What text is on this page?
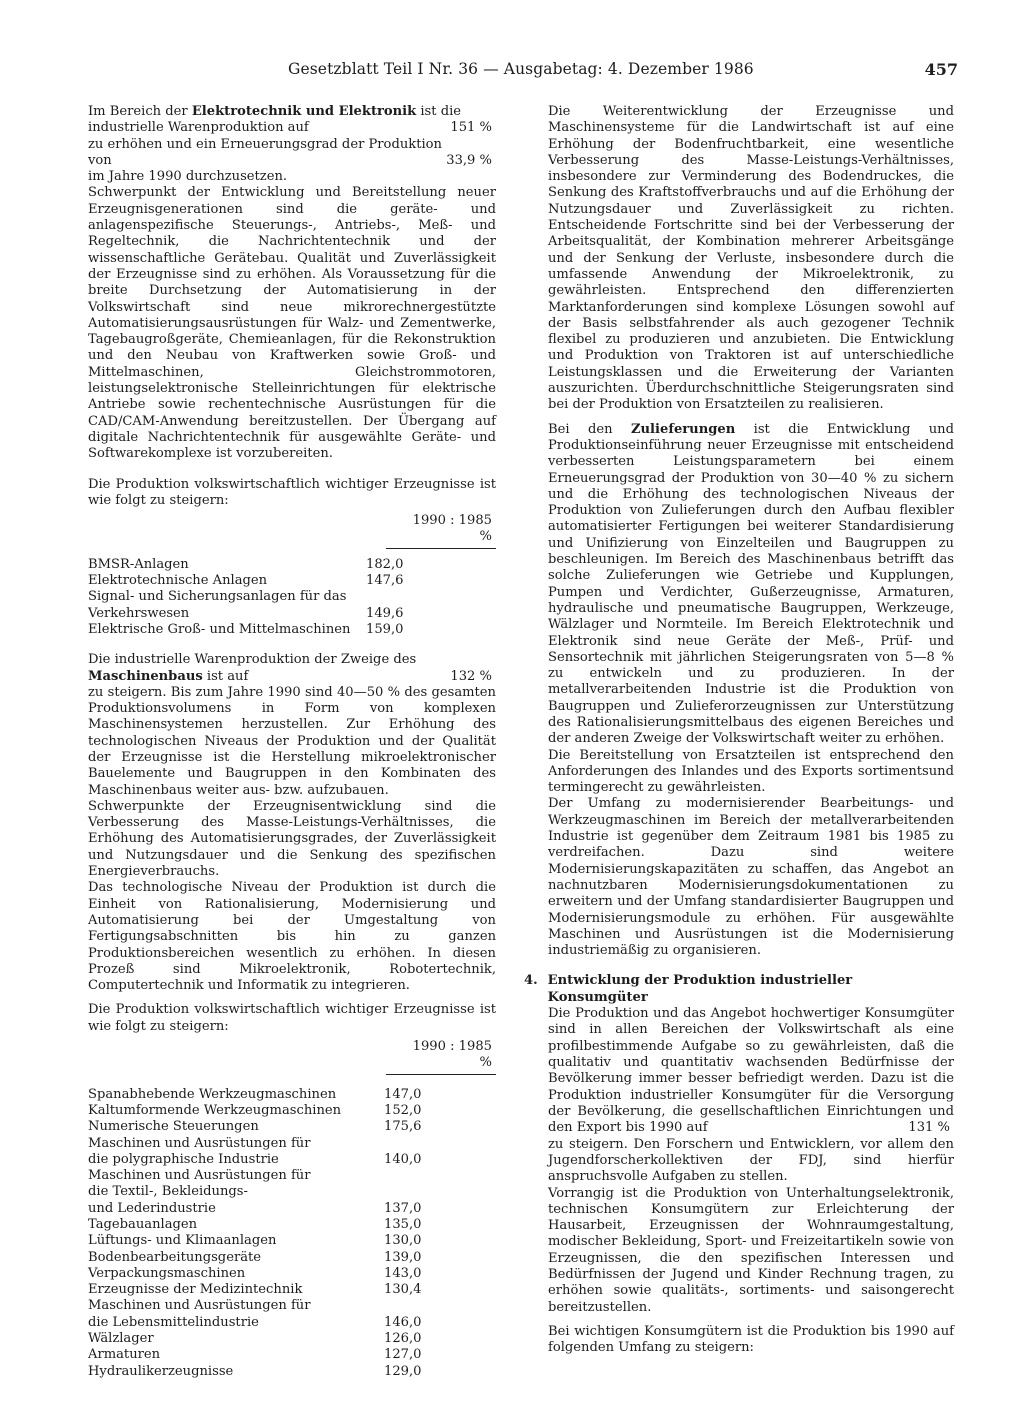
Gesetzblatt Teil I Nr. 36 — Ausgabetag: 4. Dezember 1986	457

Im Bereich der Elektrotechnik und Elektronik ist die

industrielle Warenproduktion auf	151 %

zu erhöhen und ein Erneuerungsgrad der Produktion

von	33,9 %

im Jahre 1990 durchzusetzen.

Schwerpunkt der Entwicklung und Bereitstellung neuer Erzeugnisgenerationen sind die geräte- und anlagenspezifische Steuerungs-, Antriebs-, Meß- und Regeltechnik, die Nachrichtentechnik und der wissenschaftliche Gerätebau. Qualität und Zuverlässigkeit der Erzeugnisse sind zu erhöhen. Als Voraussetzung für die breite Durchsetzung der Automatisierung in der Volkswirtschaft sind neue mikrorechnergestützte Automatisierungsausrüstungen für Walz- und Zementwerke, Tagebaugroßgeräte, Chemieanlagen, für die Rekonstruktion und den Neubau von Kraftwerken sowie Groß- und Mittelmaschinen, Gleichstrommotoren, leistungselektronische Stelleinrichtungen für elektrische Antriebe sowie rechentechnische Ausrüstungen für die CAD/CAM-Anwendung bereitzustellen. Der Übergang auf digitale Nachrichtentechnik für ausgewählte Geräte- und Softwarekomplexe ist vorzubereiten.

Die Produktion volkswirtschaftlich wichtiger Erzeugnisse ist wie folgt zu steigern:

1990 : 1985 %
BMSR-Anlagen	182,0
Elektrotechnische Anlagen	147,6
Signal- und Sicherungsanlagen für das
Verkehrswesen	149,6
Elektrische Groß- und Mittelmaschinen	159,0
Die industrielle Warenproduktion der Zweige des
Maschinenbaus ist auf	132 %

zu steigern. Bis zum Jahre 1990 sind 40—50 % des gesamten Produktionsvolumens in Form von komplexen Maschinensystemen herzustellen. Zur Erhöhung des technologischen Niveaus der Produktion und der Qualität der Erzeugnisse ist die Herstellung mikroelektronischer Bauelemente und Baugruppen in den Kombinaten des Maschinenbaus weiter aus- bzw. aufzubauen.

Schwerpunkte der Erzeugnisentwicklung sind die Verbesserung des Masse-Leistungs-Verhältnisses, die Erhöhung des Automatisierungsgrades, der Zuverlässigkeit und Nutzungsdauer und die Senkung des spezifischen Energieverbrauchs.

Das technologische Niveau der Produktion ist durch die Einheit von Rationalisierung, Modernisierung und Automatisierung bei der Umgestaltung von Fertigungsabschnitten bis hin zu ganzen Produktionsbereichen wesentlich zu erhöhen. In diesen Prozeß sind Mikroelektronik, Robotertechnik, Computertechnik und Informatik zu integrieren.

Die Produktion volkswirtschaftlich wichtiger Erzeugnisse ist wie folgt zu steigern:

1990 : 1985 %
Spanabhebende Werkzeugmaschinen	147,0
Kaltumformende Werkzeugmaschinen	152,0
Numerische Steuerungen	175,6
Maschinen und Ausrüstungen für
die polygraphische Industrie	140,0
Maschinen und Ausrüstungen für
die Textil-, Bekleidungs-
und Lederindustrie	137,0
Tagebauanlagen	135,0
Lüftungs- und Klimaanlagen	130,0
Bodenbearbeitungsgeräte	139,0
Verpackungsmaschinen	143,0
Erzeugnisse der Medizintechnik	130,4
Maschinen und Ausrüstungen für
die Lebensmittelindustrie	146,0
Wälzlager	126,0
Armaturen	127,0
Hydraulikerzeugnisse	129,0

Die Weiterentwicklung der Erzeugnisse und Maschinensysteme für die Landwirtschaft ist auf eine Erhöhung der Bodenfruchtbarkeit, eine wesentliche Verbesserung des Masse-Leistungs-Verhältnisses, insbesondere zur Verminderung des Bodendruckes, die Senkung des Kraftstoffverbrauchs und auf die Erhöhung der Nutzungsdauer und Zuverlässigkeit zu richten. Entscheidende Fortschritte sind bei der Verbesserung der Arbeitsqualität, der Kombination mehrerer Arbeitsgänge und der Senkung der Verluste, insbesondere durch die umfassende Anwendung der Mikroelektronik, zu gewährleisten. Entsprechend den differenzierten Marktanforderungen sind komplexe Lösungen sowohl auf der Basis selbstfahrender als auch gezogener Technik flexibel zu produzieren und anzubieten. Die Entwicklung und Produktion von Traktoren ist auf unterschiedliche Leistungsklassen und die Erweiterung der Varianten auszurichten. Überdurchschnittliche Steigerungsraten sind bei der Produktion von Ersatzteilen zu realisieren.

Bei den Zulieferungen ist die Entwicklung und Produktionseinführung neuer Erzeugnisse mit entscheidend verbesserten Leistungsparametern bei einem Erneuerungsgrad der Produktion von 30—40 % zu sichern und die Erhöhung des technologischen Niveaus der Produktion von Zulieferungen durch den Aufbau flexibler automatisierter Fertigungen bei weiterer Standardisierung und Unifizierung von Einzelteilen und Baugruppen zu beschleunigen. Im Bereich des Maschinenbaus betrifft das solche Zulieferungen wie Getriebe und Kupplungen, Pumpen und Verdichter, Gußerzeugnisse, Armaturen, hydraulische und pneumatische Baugruppen, Werkzeuge, Wälzlager und Normteile. Im Bereich Elektrotechnik und Elektronik sind neue Geräte der Meß-, Prüf- und Sensortechnik mit jährlichen Steigerungsraten von 5—8 % zu entwickeln und zu produzieren. In der metallverarbeitenden Industrie ist die Produktion von Baugruppen und Zulieferorzeugnissen zur Unterstützung des Rationalisierungsmittelbaus des eigenen Bereiches und der anderen Zweige der Volkswirtschaft weiter zu erhöhen.

Die Bereitstellung von Ersatzteilen ist entsprechend den Anforderungen des Inlandes und des Exports sortimentsund termingerecht zu gewährleisten.

Der Umfang zu modernisierender Bearbeitungs- und Werkzeugmaschinen im Bereich der metallverarbeitenden Industrie ist gegenüber dem Zeitraum 1981 bis 1985 zu verdreifachen. Dazu sind weitere Modernisierungskapazitäten zu schaffen, das Angebot an nachnutzbaren Modernisierungsdokumentationen zu erweitern und der Umfang standardisierter Baugruppen und Modernisierungsmodule zu erhöhen. Für ausgewählte Maschinen und Ausrüstungen ist die Modernisierung industriemäßig zu organisieren.

4. Entwicklung der Produktion industrieller Konsumgüter

Die Produktion und das Angebot hochwertiger Konsumgüter sind in allen Bereichen der Volkswirtschaft als eine profilbestimmende Aufgabe so zu gewährleisten, daß die qualitativ und quantitativ wachsenden Bedürfnisse der Bevölkerung immer besser befriedigt werden. Dazu ist die Produktion industrieller Konsumgüter für die Versorgung der Bevölkerung, die gesellschaftlichen Einrichtungen und den Export bis 1990 auf	131 %

zu steigern. Den Forschern und Entwicklern, vor allem den Jugendforscherkollektiven der FDJ, sind hierfür anspruchsvolle Aufgaben zu stellen.

Vorrangig ist die Produktion von Unterhaltungselektronik, technischen Konsumgütern zur Erleichterung der Hausarbeit, Erzeugnissen der Wohnraumgestaltung, modischer Bekleidung, Sport- und Freizeitartikeln sowie von Erzeugnissen, die den spezifischen Interessen und Bedürfnissen der Jugend und Kinder Rechnung tragen, zu erhöhen sowie qualitäts-, sortiments- und saisongerecht bereitzustellen.

Bei wichtigen Konsumgütern ist die Produktion bis 1990 auf folgenden Umfang zu steigern:
